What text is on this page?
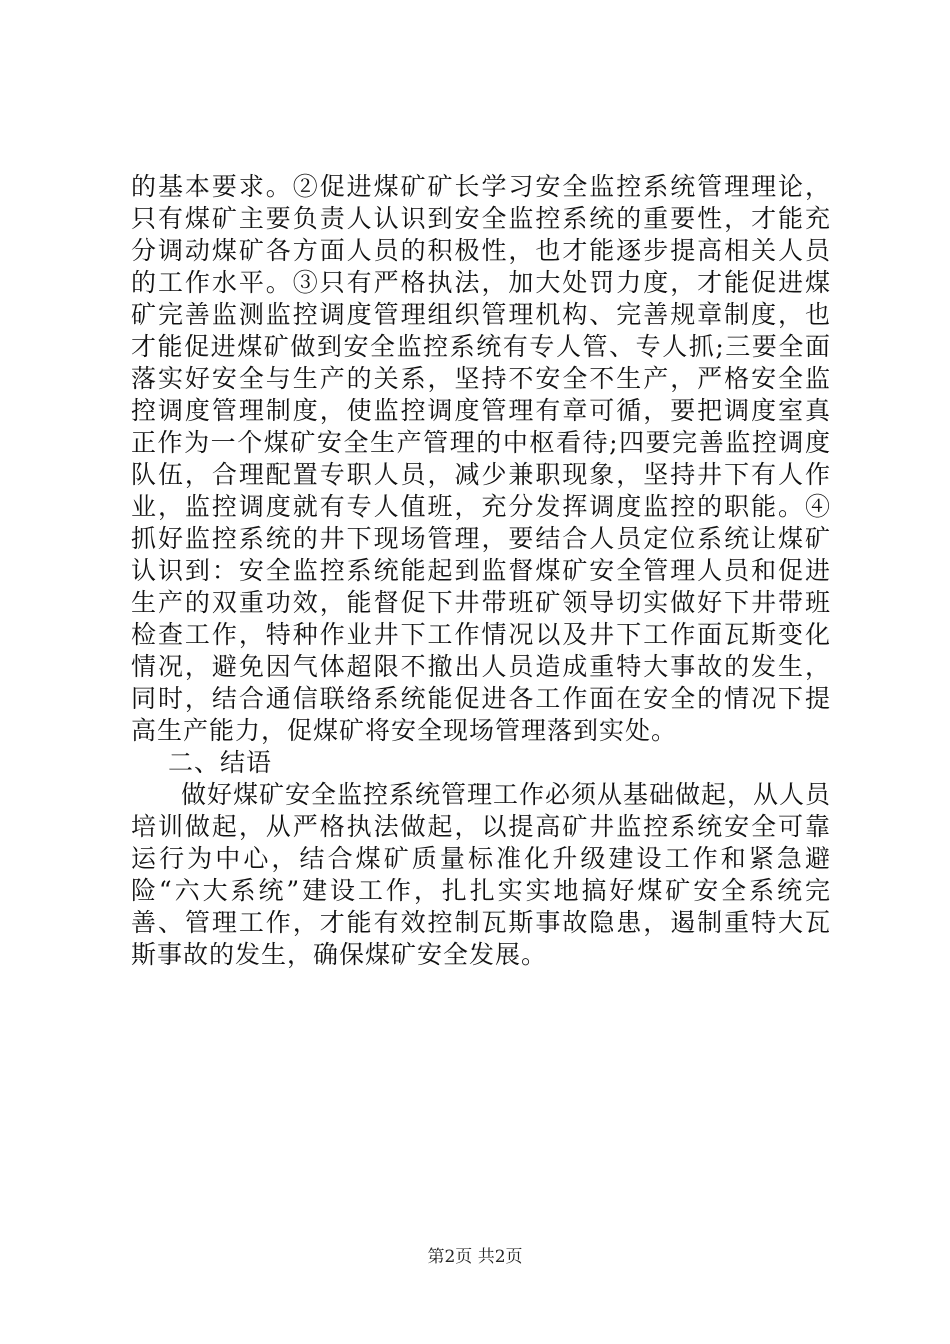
的基本要求。②促进煤矿矿长学习安全监控系统管理理论，只有煤矿主要负责人认识到安全监控系统的重要性，才能充分调动煤矿各方面人员的积极性，也才能逐步提高相关人员的工作水平。③只有严格执法，加大处罚力度，才能促进煤矿完善监测监控调度管理组织管理机构、完善规章制度，也才能促进煤矿做到安全监控系统有专人管、专人抓;三要全面落实好安全与生产的关系，坚持不安全不生产，严格安全监控调度管理制度，使监控调度管理有章可循，要把调度室真正作为一个煤矿安全生产管理的中枢看待;四要完善监控调度队伍，合理配置专职人员，减少兼职现象，坚持井下有人作业，监控调度就有专人值班，充分发挥调度监控的职能。④抓好监控系统的井下现场管理，要结合人员定位系统让煤矿认识到：安全监控系统能起到监督煤矿安全管理人员和促进生产的双重功效，能督促下井带班矿领导切实做好下井带班检查工作，特种作业井下工作情况以及井下工作面瓦斯变化情况，避免因气体超限不撤出人员造成重特大事故的发生，同时，结合通信联络系统能促进各工作面在安全的情况下提高生产能力，促煤矿将安全现场管理落到实处。

二、结语

做好煤矿安全监控系统管理工作必须从基础做起，从人员培训做起，从严格执法做起，以提高矿井监控系统安全可靠运行为中心，结合煤矿质量标准化升级建设工作和紧急避险“六大系统”建设工作，扎扎实实地搞好煤矿安全系统完善、管理工作，才能有效控制瓦斯事故隐患，遏制重特大瓦斯事故的发生，确保煤矿安全发展。

第2页 共2页
